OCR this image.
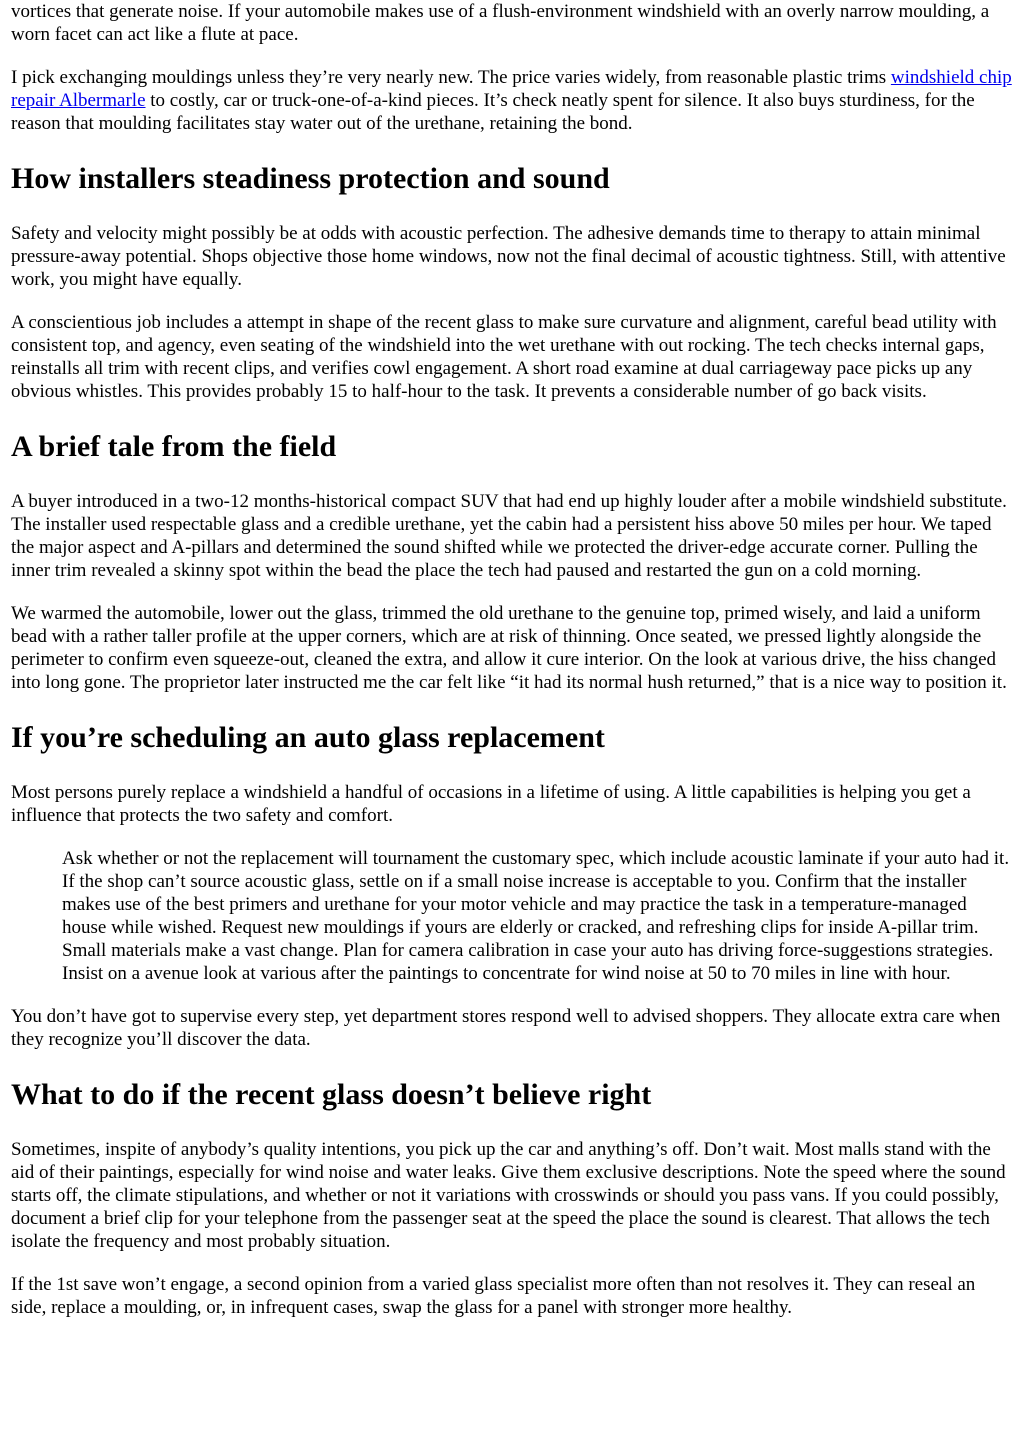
vortices that generate noise. If your automobile makes use of a flush-environment windshield with an overly narrow moulding, a worn facet can act like a flute at pace.

I pick exchanging mouldings unless they’re very nearly new. The price varies widely, from reasonable plastic trims windshield chip repair Albermarle to costly, car or truck-one-of-a-kind pieces. It’s check neatly spent for silence. It also buys sturdiness, for the reason that moulding facilitates stay water out of the urethane, retaining the bond.

How installers steadiness protection and sound

Safety and velocity might possibly be at odds with acoustic perfection. The adhesive demands time to therapy to attain minimal pressure-away potential. Shops objective those home windows, now not the final decimal of acoustic tightness. Still, with attentive work, you might have equally.

A conscientious job includes a attempt in shape of the recent glass to make sure curvature and alignment, careful bead utility with consistent top, and agency, even seating of the windshield into the wet urethane with out rocking. The tech checks internal gaps, reinstalls all trim with recent clips, and verifies cowl engagement. A short road examine at dual carriageway pace picks up any obvious whistles. This provides probably 15 to half-hour to the task. It prevents a considerable number of go back visits.

A brief tale from the field

A buyer introduced in a two-12 months-historical compact SUV that had end up highly louder after a mobile windshield substitute. The installer used respectable glass and a credible urethane, yet the cabin had a persistent hiss above 50 miles per hour. We taped the major aspect and A-pillars and determined the sound shifted while we protected the driver-edge accurate corner. Pulling the inner trim revealed a skinny spot within the bead the place the tech had paused and restarted the gun on a cold morning.

We warmed the automobile, lower out the glass, trimmed the old urethane to the genuine top, primed wisely, and laid a uniform bead with a rather taller profile at the upper corners, which are at risk of thinning. Once seated, we pressed lightly alongside the perimeter to confirm even squeeze-out, cleaned the extra, and allow it cure interior. On the look at various drive, the hiss changed into long gone. The proprietor later instructed me the car felt like “it had its normal hush returned,” that is a nice way to position it.

If you’re scheduling an auto glass replacement

Most persons purely replace a windshield a handful of occasions in a lifetime of using. A little capabilities is helping you get a influence that protects the two safety and comfort.

Ask whether or not the replacement will tournament the customary spec, which include acoustic laminate if your auto had it. If the shop can’t source acoustic glass, settle on if a small noise increase is acceptable to you. Confirm that the installer makes use of the best primers and urethane for your motor vehicle and may practice the task in a temperature-managed house while wished. Request new mouldings if yours are elderly or cracked, and refreshing clips for inside A-pillar trim. Small materials make a vast change. Plan for camera calibration in case your auto has driving force-suggestions strategies. Insist on a avenue look at various after the paintings to concentrate for wind noise at 50 to 70 miles in line with hour.

You don’t have got to supervise every step, yet department stores respond well to advised shoppers. They allocate extra care when they recognize you’ll discover the data.

What to do if the recent glass doesn’t believe right

Sometimes, inspite of anybody’s quality intentions, you pick up the car and anything’s off. Don’t wait. Most malls stand with the aid of their paintings, especially for wind noise and water leaks. Give them exclusive descriptions. Note the speed where the sound starts off, the climate stipulations, and whether or not it variations with crosswinds or should you pass vans. If you could possibly, document a brief clip for your telephone from the passenger seat at the speed the place the sound is clearest. That allows the tech isolate the frequency and most probably situation.

If the 1st save won’t engage, a second opinion from a varied glass specialist more often than not resolves it. They can reseal an side, replace a moulding, or, in infrequent cases, swap the glass for a panel with stronger more healthy.
